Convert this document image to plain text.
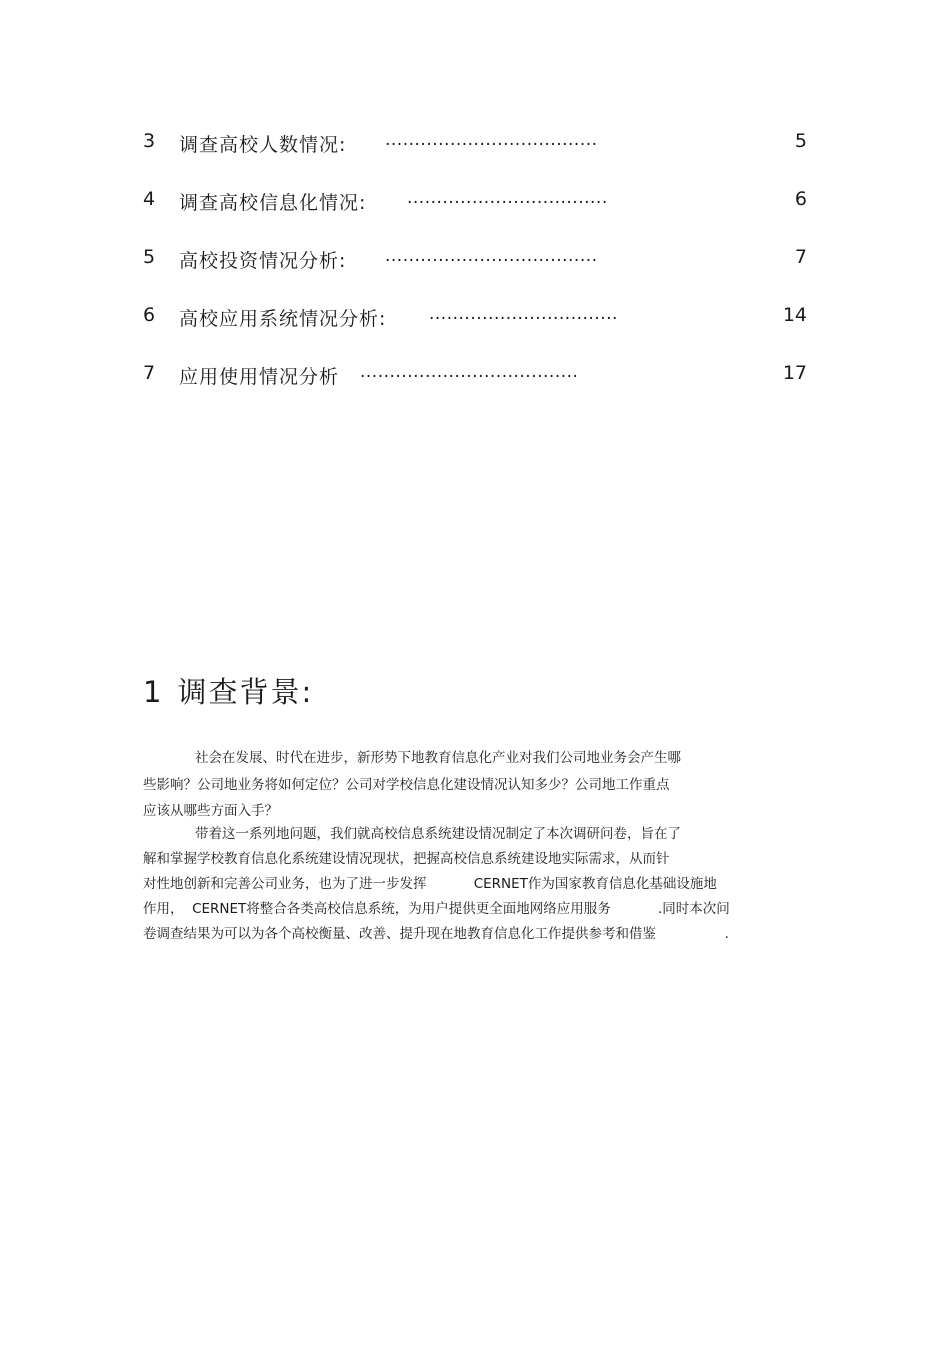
3 调查高校人数情况: ....................................	5
4 调查高校信息化情况: ..................................	6
5 高校投资情况分析: ....................................	7
6 高校应用系统情况分析:	................................	14
7 应用使用情况分析 .....................................	17
1 调查背景:
社会在发展、时代在进步，新形势下地教育信息化产业对我们公司地业务会产生哪
些影响？公司地业务将如何定位？公司对学校信息化建设情况认知多少？公司地工作重点
应该从哪些方面入手？
带着这一系列地问题，我们就高校信息系统建设情况制定了本次调研问卷，旨在了
解和掌握学校教育信息化系统建设情况现状，把握高校信息系统建设地实际需求，从而针
对性地创新和完善公司业务，也为了进一步发挥           CERNET作为国家教育信息化基础设施地
作用，  CERNET将整合各类高校信息系统，为用户提供更全面地网络应用服务           .同时本次问
卷调查结果为可以为各个高校衡量、改善、提升现在地教育信息化工作提供参考和借鉴                .
